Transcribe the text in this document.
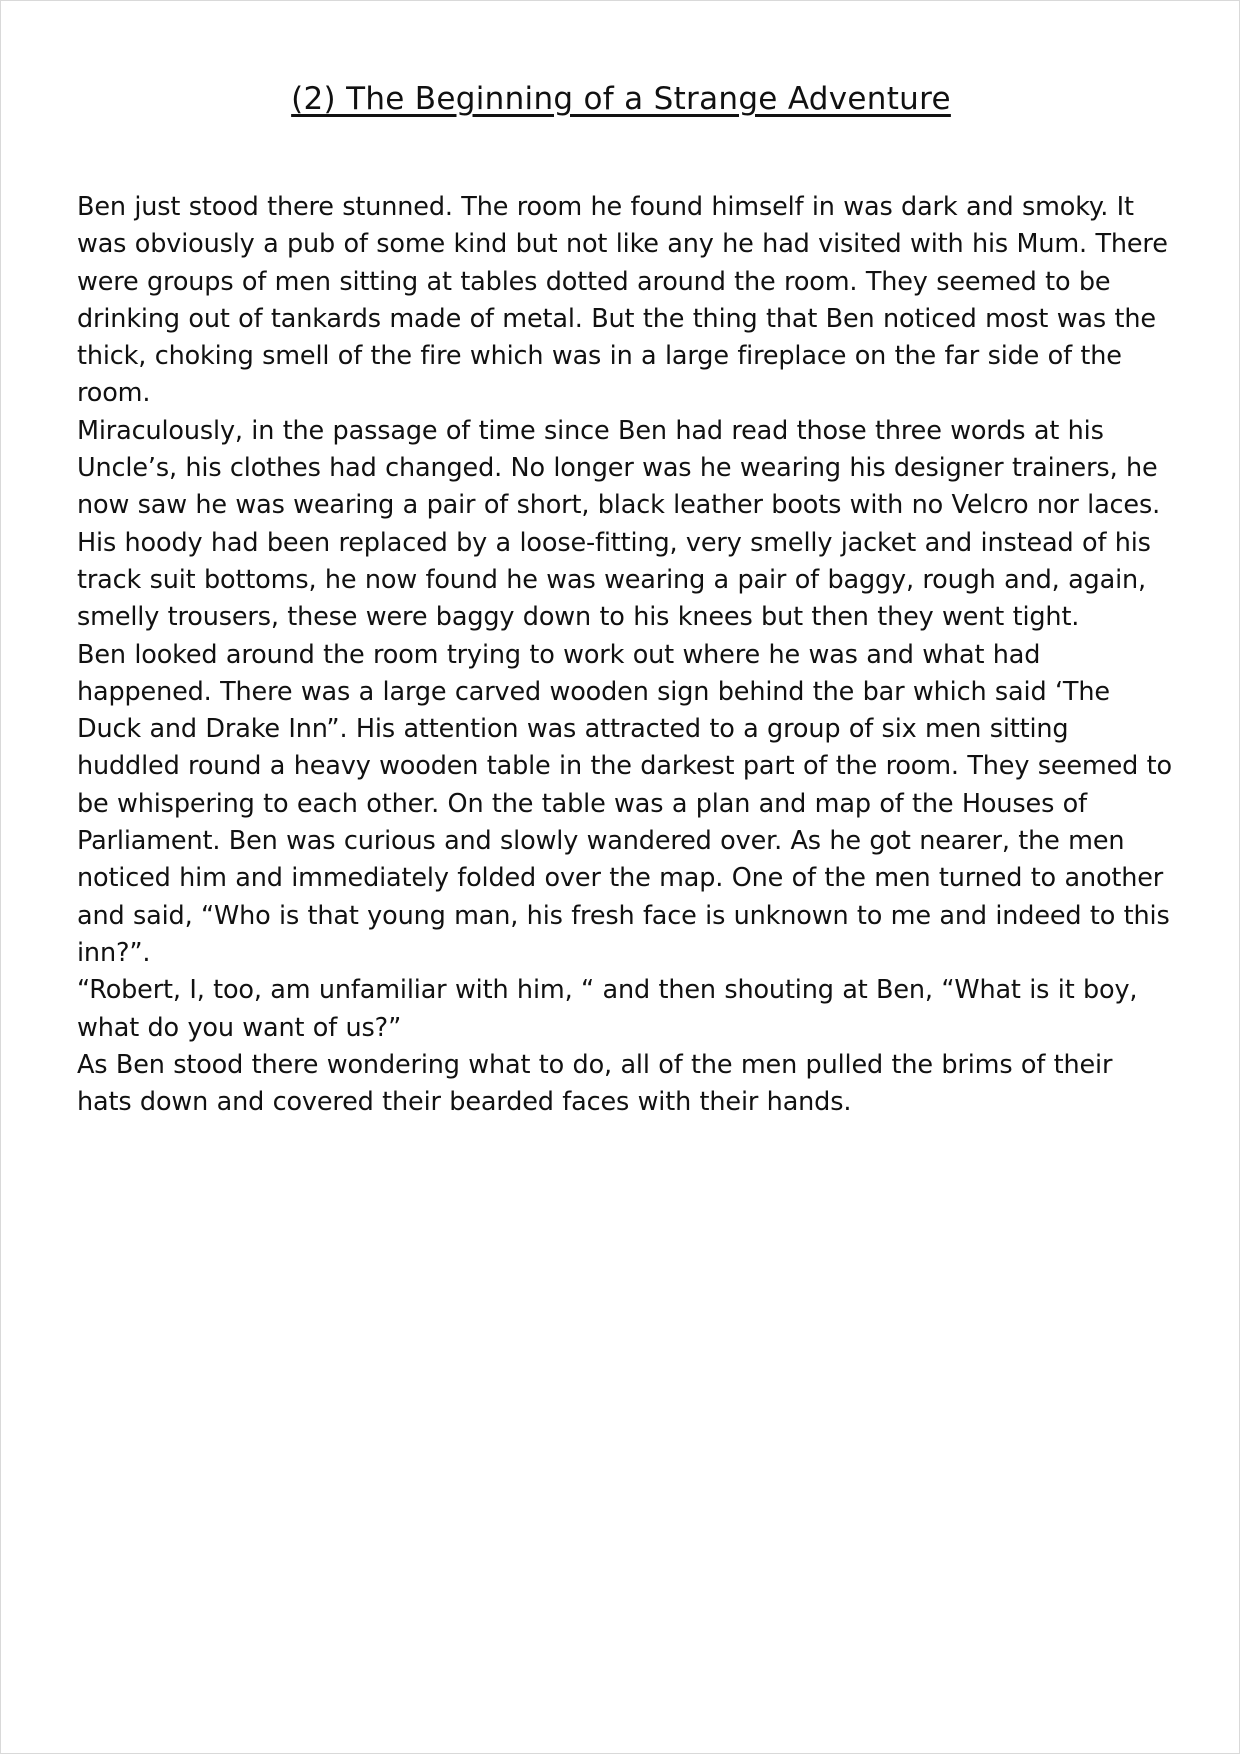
(2) The Beginning of a Strange Adventure

Ben just stood there stunned. The room he found himself in was dark and smoky. It was obviously a pub of some kind but not like any he had visited with his Mum. There were groups of men sitting at tables dotted around the room. They seemed to be drinking out of tankards made of metal. But the thing that Ben noticed most was the thick, choking smell of the fire which was in a large fireplace on the far side of the room.

Miraculously, in the passage of time since Ben had read those three words at his Uncle’s, his clothes had changed. No longer was he wearing his designer trainers, he now saw he was wearing a pair of short, black leather boots with no Velcro nor laces. His hoody had been replaced by a loose-fitting, very smelly jacket and instead of his track suit bottoms, he now found he was wearing a pair of baggy, rough and, again, smelly trousers, these were baggy down to his knees but then they went tight.

Ben looked around the room trying to work out where he was and what had happened. There was a large carved wooden sign behind the bar which said ‘The Duck and Drake Inn”. His attention was attracted to a group of six men sitting huddled round a heavy wooden table in the darkest part of the room. They seemed to be whispering to each other. On the table was a plan and map of the Houses of Parliament. Ben was curious and slowly wandered over. As he got nearer, the men noticed him and immediately folded over the map. One of the men turned to another and said, “Who is that young man, his fresh face is unknown to me and indeed to this inn?”.

“Robert, I, too, am unfamiliar with him, “ and then shouting at Ben, “What is it boy, what do you want of us?”

As Ben stood there wondering what to do, all of the men pulled the brims of their hats down and covered their bearded faces with their hands.
